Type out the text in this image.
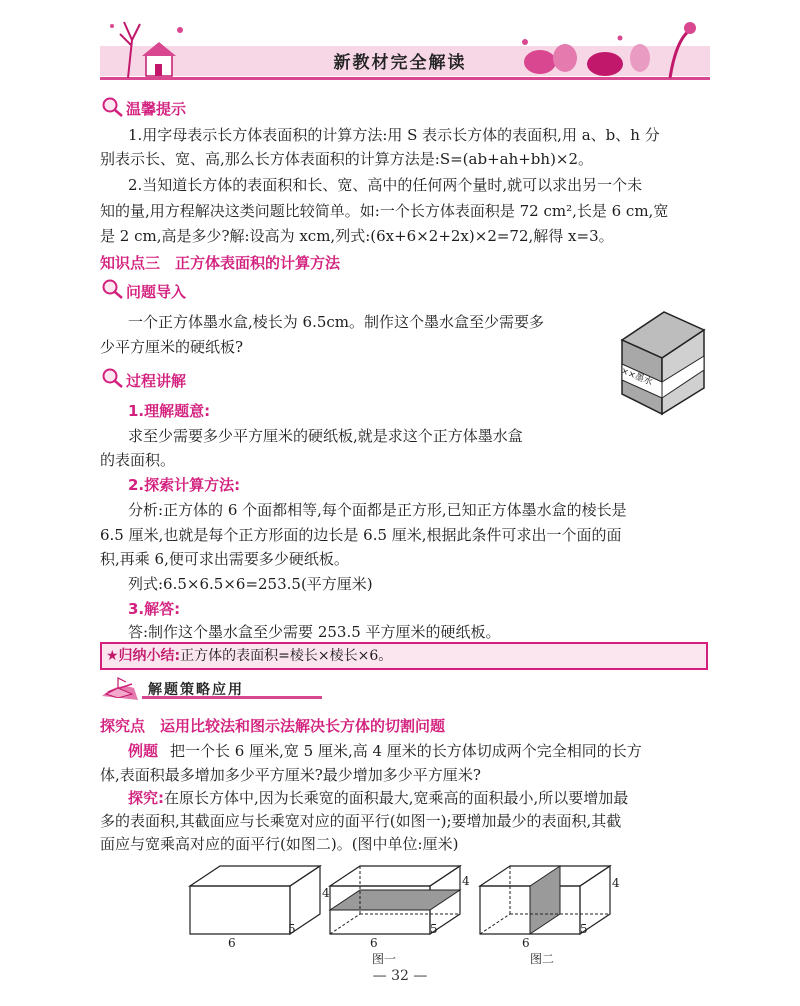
新教材完全解读
温馨提示
1.用字母表示长方体表面积的计算方法:用 S 表示长方体的表面积,用 a、b、h 分
别表示长、宽、高,那么长方体表面积的计算方法是:S=(ab+ah+bh)×2。
2.当知道长方体的表面积和长、宽、高中的任何两个量时,就可以求出另一个未
知的量,用方程解决这类问题比较简单。如:一个长方体表面积是 72 cm²,长是 6 cm,宽
是 2 cm,高是多少?解:设高为 xcm,列式:(6x+6×2+2x)×2=72,解得 x=3。
知识点三　正方体表面积的计算方法
问题导入
一个正方体墨水盒,棱长为 6.5cm。制作这个墨水盒至少需要多
少平方厘米的硬纸板?
××墨水
过程讲解
1.理解题意:
求至少需要多少平方厘米的硬纸板,就是求这个正方体墨水盒
的表面积。
2.探索计算方法:
分析:正方体的 6 个面都相等,每个面都是正方形,已知正方体墨水盒的棱长是
6.5 厘米,也就是每个正方形面的边长是 6.5 厘米,根据此条件可求出一个面的面
积,再乘 6,便可求出需要多少硬纸板。
列式:6.5×6.5×6=253.5(平方厘米)
3.解答:
答:制作这个墨水盒至少需要 253.5 平方厘米的硬纸板。
★归纳小结:正方体的表面积=棱长×棱长×6。
解题策略应用
探究点　运用比较法和图示法解决长方体的切割问题
例题 把一个长 6 厘米,宽 5 厘米,高 4 厘米的长方体切成两个完全相同的长方
体,表面积最多增加多少平方厘米?最少增加多少平方厘米?
探究:在原长方体中,因为长乘宽的面积最大,宽乘高的面积最小,所以要增加最
多的表面积,其截面应与长乘宽对应的面平行(如图一);要增加最少的表面积,其截
面应与宽乘高对应的面平行(如图二)。(图中单位:厘米)
6
5
4
6
5
4
6
5
4
图一	图二
— 32 —
